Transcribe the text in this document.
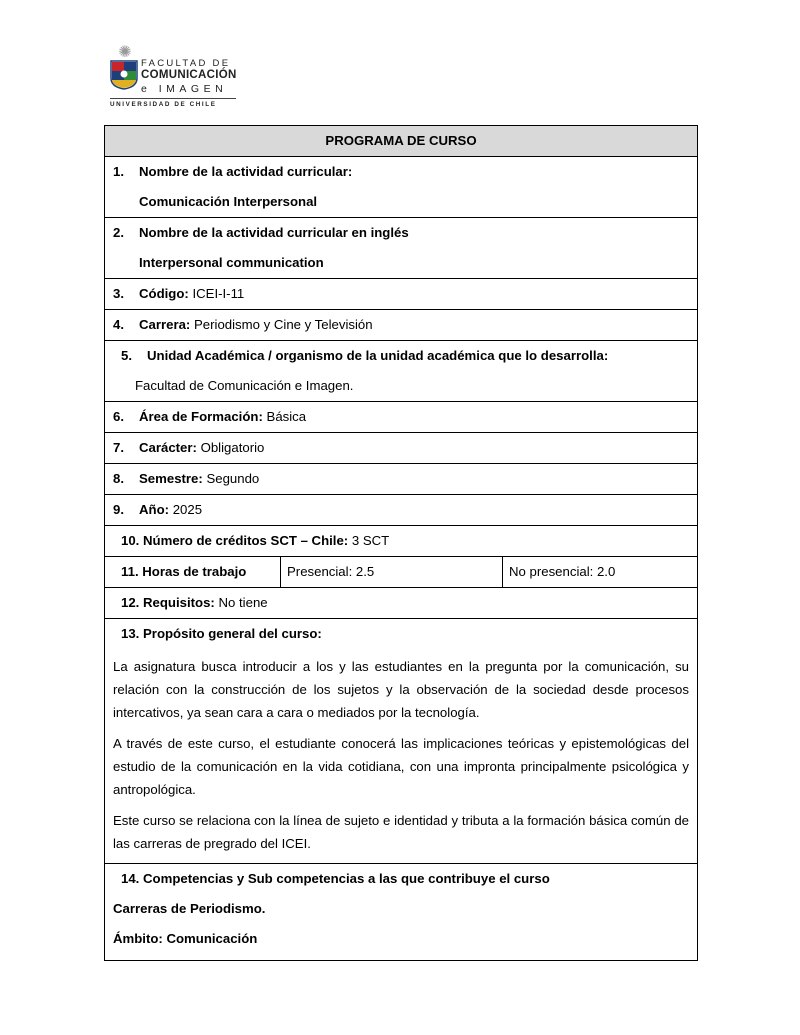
✺
FACULTAD DE
COMUNICACIÓN
e IMAGEN
UNIVERSIDAD DE CHILE
PROGRAMA DE CURSO

1. Nombre de la actividad curricular:
Comunicación Interpersonal

2. Nombre de la actividad curricular en inglés
Interpersonal communication

3. Código: ICEI-I-11
4. Carrera: Periodismo y Cine y Televisión

5. Unidad Académica / organismo de la unidad académica que lo desarrolla:
Facultad de Comunicación e Imagen.

6. Área de Formación: Básica
7. Carácter: Obligatorio
8. Semestre: Segundo
9. Año: 2025
10. Número de créditos SCT – Chile: 3 SCT
11. Horas de trabajo	Presencial: 2.5	No presencial: 2.0
12. Requisitos: No tiene

13. Propósito general del curso:

La asignatura busca introducir a los y las estudiantes en la pregunta por la comunicación, su relación con la construcción de los sujetos y la observación de la sociedad desde procesos intercativos, ya sean cara a cara o mediados por la tecnología.

A través de este curso, el estudiante conocerá las implicaciones teóricas y epistemológicas del estudio de la comunicación en la vida cotidiana, con una impronta principalmente psicológica y antropológica.

Este curso se relaciona con la línea de sujeto e identidad y tributa a la formación básica común de las carreras de pregrado del ICEI.

14. Competencias y Sub competencias a las que contribuye el curso
Carreras de Periodismo.
Ámbito: Comunicación
